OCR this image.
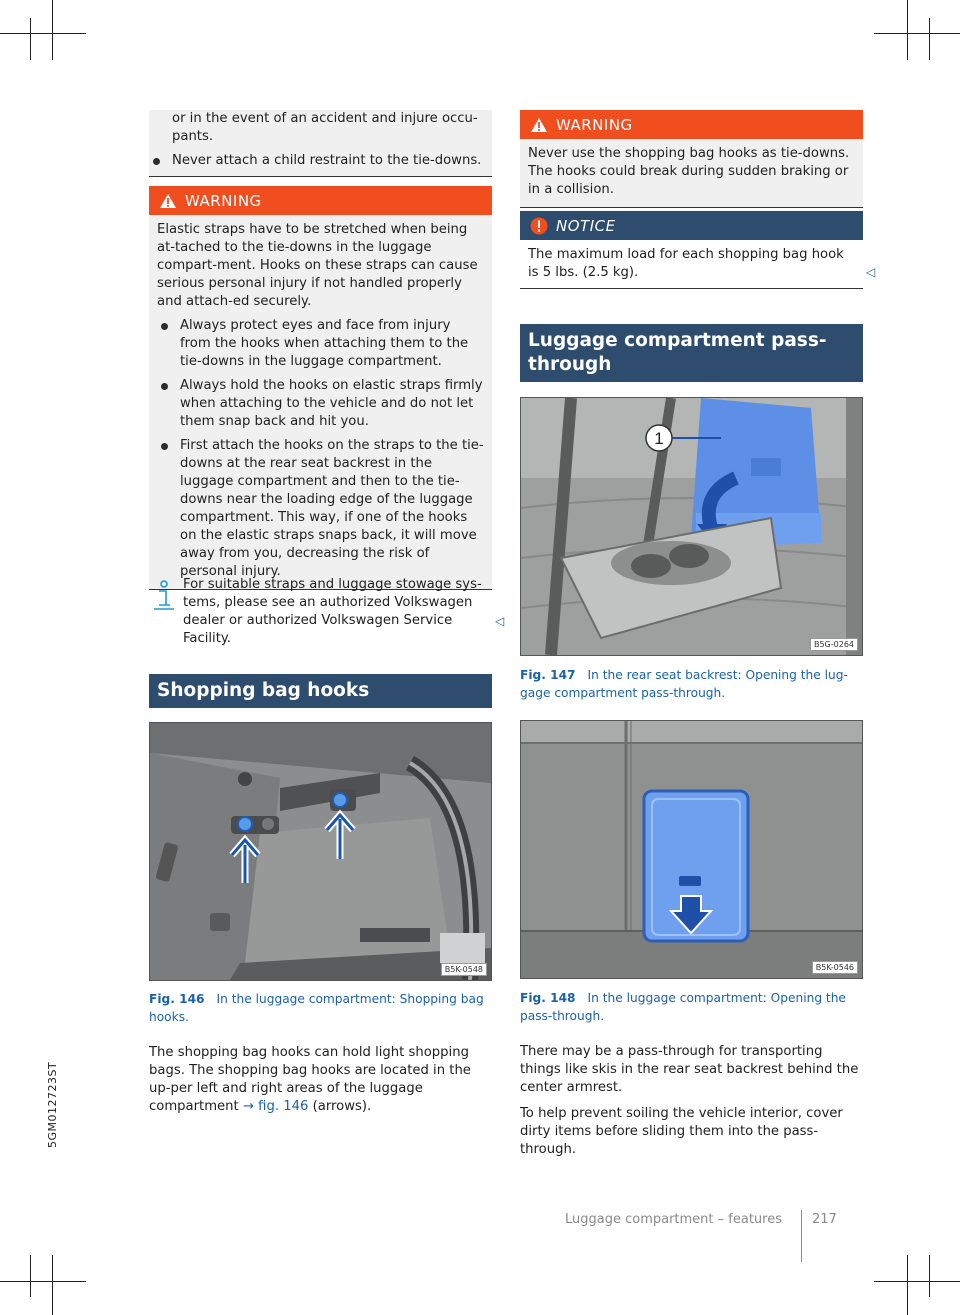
5GM012723ST
or in the event of an accident and injure occu-pants.
Never attach a child restraint to the tie-downs.
WARNING
Elastic straps have to be stretched when being at-tached to the tie-downs in the luggage compart-ment. Hooks on these straps can cause serious personal injury if not handled properly and attach-ed securely.
Always protect eyes and face from injury from the hooks when attaching them to the tie-downs in the luggage compartment.
Always hold the hooks on elastic straps firmly when attaching to the vehicle and do not let them snap back and hit you.
First attach the hooks on the straps to the tie-downs at the rear seat backrest in the luggage compartment and then to the tie-downs near the loading edge of the luggage compartment. This way, if one of the hooks on the elastic straps snaps back, it will move away from you, decreasing the risk of personal injury.
For suitable straps and luggage stowage sys-tems, please see an authorized Volkswagen dealer or authorized Volkswagen Service Facility.
◁
Shopping bag hooks
B5K-0548
Fig. 146 In the luggage compartment: Shopping bag hooks.
The shopping bag hooks can hold light shopping bags. The shopping bag hooks are located in the up-per left and right areas of the luggage compartment → fig. 146 (arrows).
WARNING
Never use the shopping bag hooks as tie-downs. The hooks could break during sudden braking or in a collision.
NOTICE
The maximum load for each shopping bag hook is 5 lbs. (2.5 kg).	◁
Luggage compartment pass-through
1
B5G-0264
Fig. 147 In the rear seat backrest: Opening the lug-gage compartment pass-through.
B5K-0546
Fig. 148 In the luggage compartment: Opening the pass-through.
There may be a pass-through for transporting things like skis in the rear seat backrest behind the center armrest.
To help prevent soiling the vehicle interior, cover dirty items before sliding them into the pass-through.
Luggage compartment – features 217
